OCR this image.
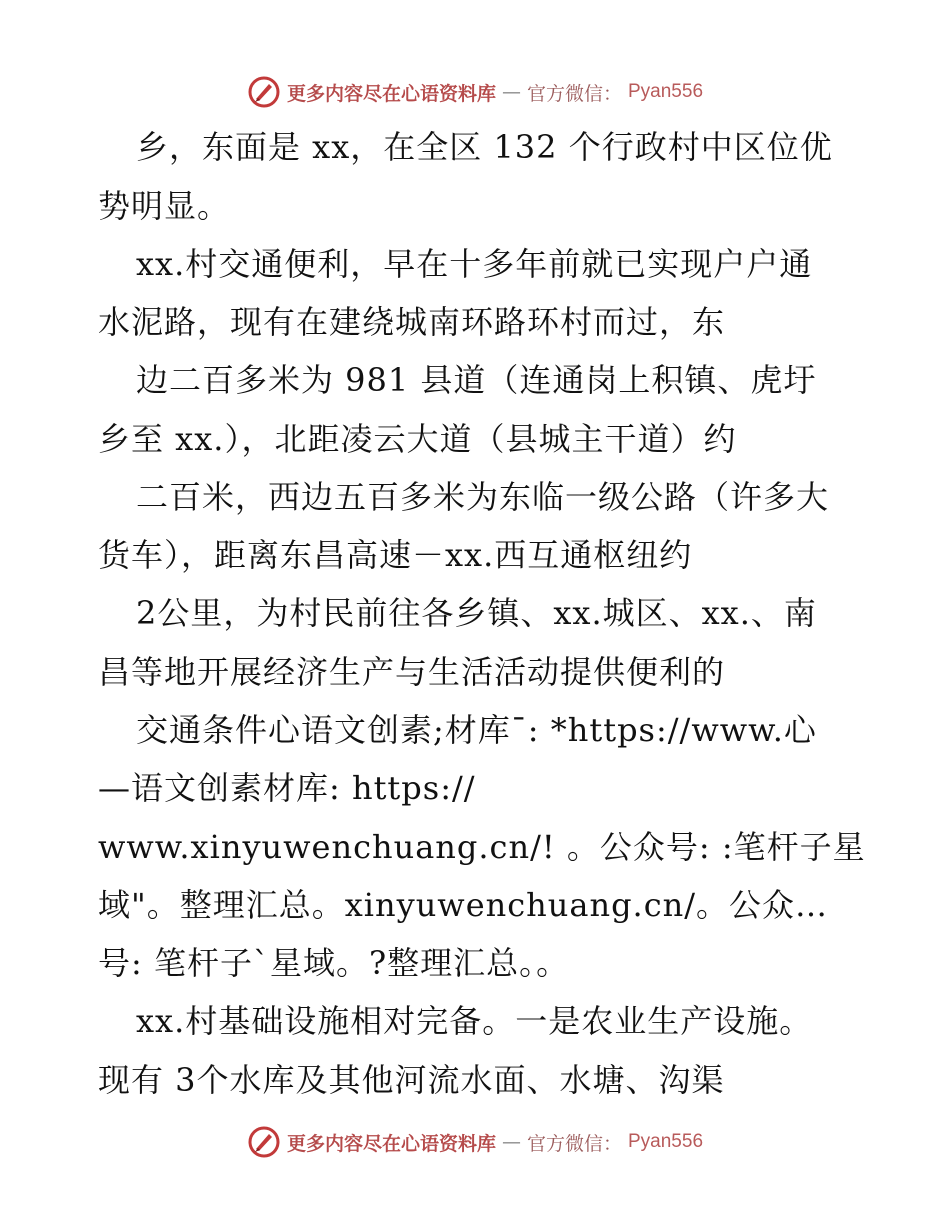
更多内容尽在心语资料库 — 官方微信： Pyan556
乡，东面是 xx，在全区 132 个行政村中区位优
势明显。
xx.村交通便利，早在十多年前就已实现户户通
水泥路，现有在建绕城南环路环村而过，东
边二百多米为 981 县道（连通岗上积镇、虎圩
乡至 xx.），北距凌云大道（县城主干道）约
二百米，西边五百多米为东临一级公路（许多大
货车），距离东昌高速－xx.西互通枢纽约
2公里，为村民前往各乡镇、xx.城区、xx.、南
昌等地开展经济生产与生活活动提供便利的
交通条件心语文创素;材库¯: *https://www.心
—语文创素材库: https://
www.xinyuwenchuang.cn/! 。公众号: :笔杆子星
域"。整理汇总。xinyuwenchuang.cn/。公众…
号: 笔杆子`星域。?整理汇总。。
xx.村基础设施相对完备。一是农业生产设施。
现有 3个水库及其他河流水面、水塘、沟渠
更多内容尽在心语资料库 — 官方微信： Pyan556
